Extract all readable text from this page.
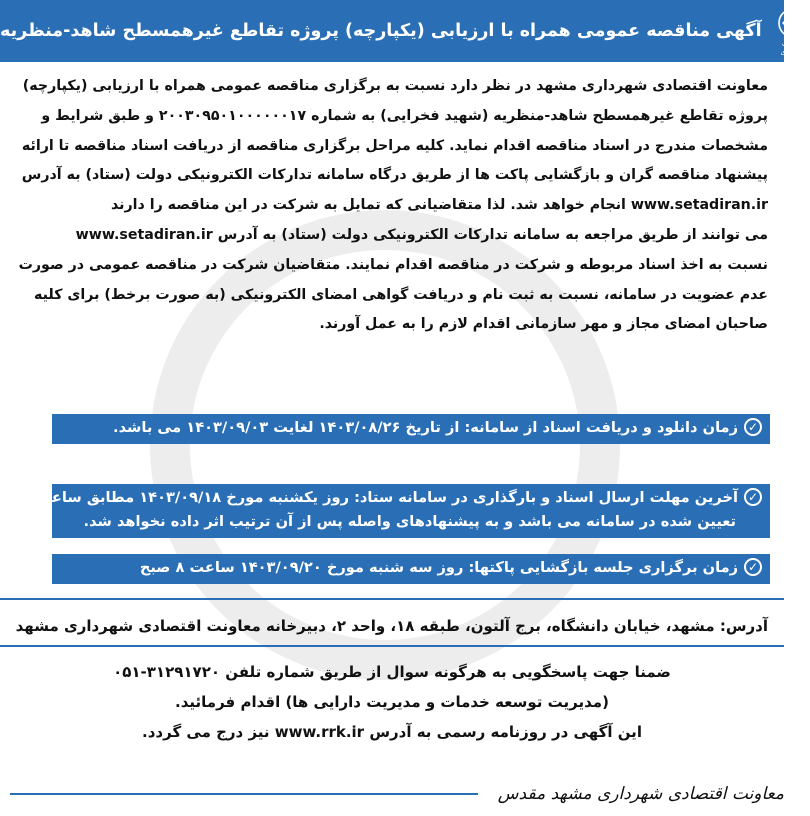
معاونت اقتصادی
آگهی مناقصه عمومی همراه با ارزیابی (یکپارچه) پروژه تقاطع غیرهمسطح شاهد-منظریه
معاونت اقتصادی شهرداری مشهد در نظر دارد نسبت به برگزاری مناقصه عمومی همراه با ارزیابی (یکپارچه)
پروژه تقاطع غیرهمسطح شاهد-منظریه (شهید فخرایی) به شماره ۲۰۰۳۰۹۵۰۱۰۰۰۰۰۰۱۷ و طبق شرایط و
مشخصات مندرج در اسناد مناقصه اقدام نماید. کلیه مراحل برگزاری مناقصه از دریافت اسناد مناقصه تا ارائه
پیشنهاد مناقصه گران و بازگشایی پاکت ها از طریق درگاه سامانه تدارکات الکترونیکی دولت (ستاد) به آدرس
www.setadiran.ir انجام خواهد شد. لذا متقاضیانی که تمایل به شرکت در این مناقصه را دارند
می توانند از طریق مراجعه به سامانه تدارکات الکترونیکی دولت (ستاد) به آدرس www.setadiran.ir
نسبت به اخذ اسناد مربوطه و شرکت در مناقصه اقدام نمایند. متقاضیان شرکت در مناقصه عمومی در صورت
عدم عضویت در سامانه، نسبت به ثبت نام و دریافت گواهی امضای الکترونیکی (به صورت برخط) برای کلیه
صاحبان امضای مجاز و مهر سازمانی اقدام لازم را به عمل آورند.
✓
زمان دانلود و دریافت اسناد از سامانه: از تاریخ ۱۴۰۳/۰۸/۲۶ لغایت ۱۴۰۳/۰۹/۰۳ می باشد.
✓
آخرین مهلت ارسال اسناد و بارگذاری در سامانه ستاد: روز یکشنبه مورخ ۱۴۰۳/۰۹/۱۸ مطابق ساعت
تعیین شده در سامانه می باشد و به پیشنهادهای واصله پس از آن ترتیب اثر داده نخواهد شد.
✓
زمان برگزاری جلسه بازگشایی پاکتها: روز سه شنبه مورخ ۱۴۰۳/۰۹/۲۰ ساعت ۸ صبح
آدرس: مشهد، خیابان دانشگاه، برج آلتون، طبقه ۱۸، واحد ۲، دبیرخانه معاونت اقتصادی شهرداری مشهد
ضمنا جهت پاسخگویی به هرگونه سوال از طریق شماره تلفن ۳۱۲۹۱۷۲۰-۰۵۱
(مدیریت توسعه خدمات و مدیریت دارایی ها) اقدام فرمائید.
این آگهی در روزنامه رسمی به آدرس www.rrk.ir نیز درج می گردد.
معاونت اقتصادی شهرداری مشهد مقدس
